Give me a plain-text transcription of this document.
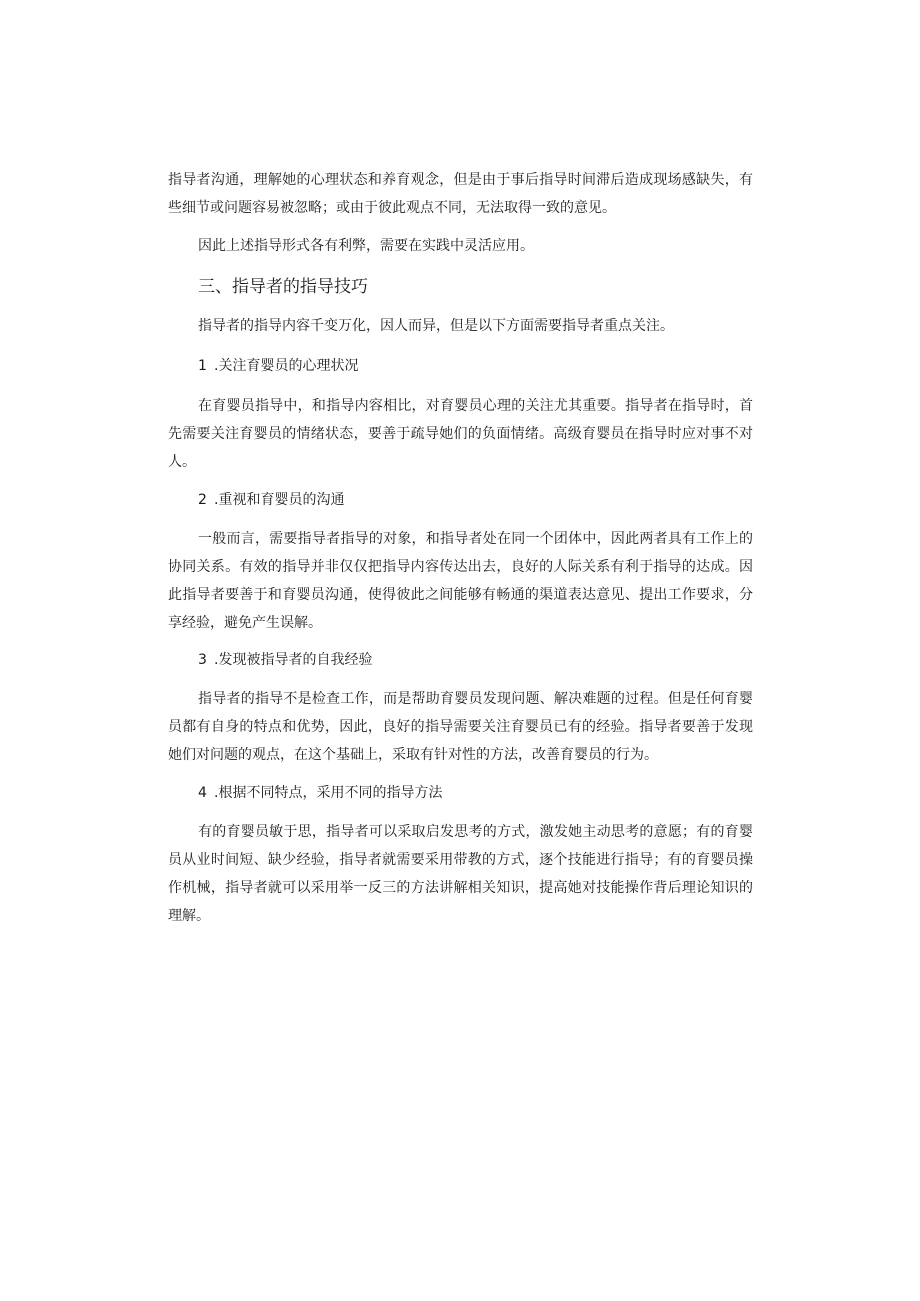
指导者沟通，理解她的心理状态和养育观念，但是由于事后指导时间滞后造成现场感缺失，有些细节或问题容易被忽略；或由于彼此观点不同，无法取得一致的意见。

因此上述指导形式各有利弊，需要在实践中灵活应用。

三、指导者的指导技巧

指导者的指导内容千变万化，因人而异，但是以下方面需要指导者重点关注。

1 .关注育婴员的心理状况

在育婴员指导中，和指导内容相比，对育婴员心理的关注尤其重要。指导者在指导时，首先需要关注育婴员的情绪状态，要善于疏导她们的负面情绪。高级育婴员在指导时应对事不对人。

2 .重视和育婴员的沟通

一般而言，需要指导者指导的对象，和指导者处在同一个团体中，因此两者具有工作上的协同关系。有效的指导并非仅仅把指导内容传达出去，良好的人际关系有利于指导的达成。因此指导者要善于和育婴员沟通，使得彼此之间能够有畅通的渠道表达意见、提出工作要求，分享经验，避免产生误解。

3 .发现被指导者的自我经验

指导者的指导不是检查工作，而是帮助育婴员发现问题、解决难题的过程。但是任何育婴员都有自身的特点和优势，因此，良好的指导需要关注育婴员已有的经验。指导者要善于发现她们对问题的观点，在这个基础上，采取有针对性的方法，改善育婴员的行为。

4 .根据不同特点，采用不同的指导方法

有的育婴员敏于思，指导者可以采取启发思考的方式，激发她主动思考的意愿；有的育婴员从业时间短、缺少经验，指导者就需要采用带教的方式，逐个技能进行指导；有的育婴员操作机械，指导者就可以采用举一反三的方法讲解相关知识，提高她对技能操作背后理论知识的理解。
